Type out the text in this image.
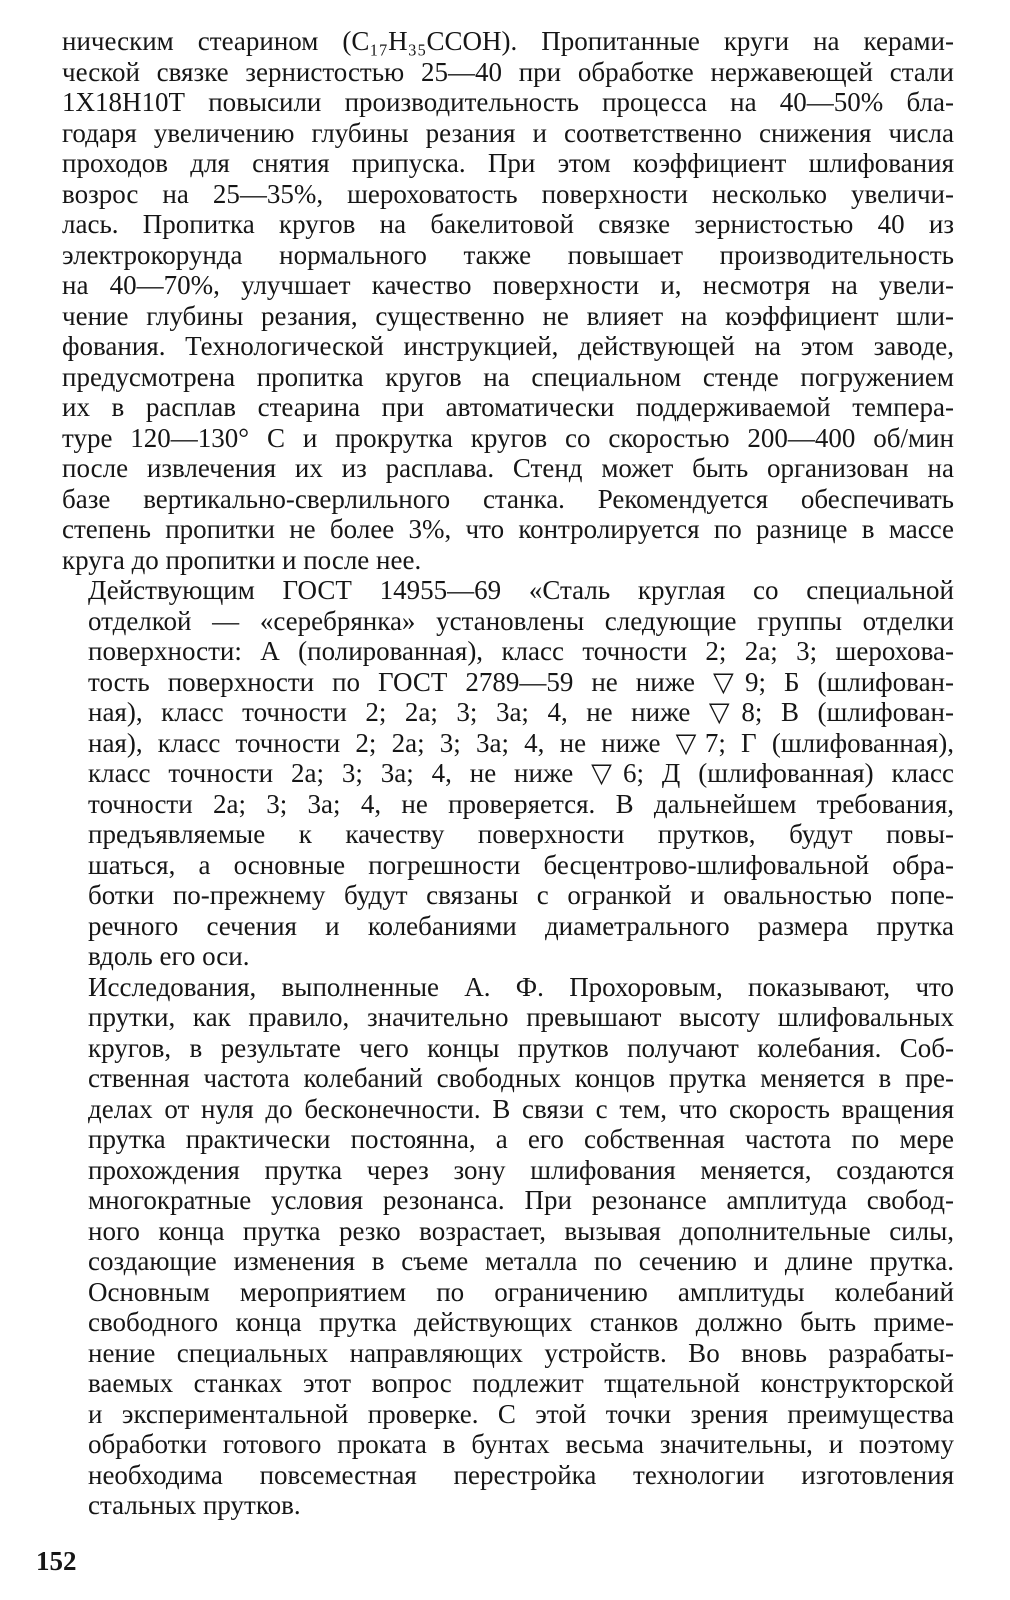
ническим стеарином (C₁₇H₃₅CCOH). Пропитанные круги на керами-
ческой связке зернистостью 25—40 при обработке нержавеющей стали
1Х18Н10Т повысили производительность процесса на 40—50% бла-
годаря увеличению глубины резания и соответственно снижения числа
проходов для снятия припуска. При этом коэффициент шлифования
возрос на 25—35%, шероховатость поверхности несколько увеличи-
лась. Пропитка кругов на бакелитовой связке зернистостью 40 из
электрокорунда нормального также повышает производительность
на 40—70%, улучшает качество поверхности и, несмотря на увели-
чение глубины резания, существенно не влияет на коэффициент шли-
фования. Технологической инструкцией, действующей на этом заводе,
предусмотрена пропитка кругов на специальном стенде погружением
их в расплав стеарина при автоматически поддерживаемой темпера-
туре 120—130° С и прокрутка кругов со скоростью 200—400 об/мин
после извлечения их из расплава. Стенд может быть организован на
базе вертикально-сверлильного станка. Рекомендуется обеспечивать
степень пропитки не более 3%, что контролируется по разнице в массе
круга до пропитки и после нее.

Действующим ГОСТ 14955—69 «Сталь круглая со специальной
отделкой — «серебрянка» установлены следующие группы отделки
поверхности: А (полированная), класс точности 2; 2а; 3; шерохова-
тость поверхности по ГОСТ 2789—59 не ниже ▽9; Б (шлифован-
ная), класс точности 2; 2а; 3; 3а; 4, не ниже ▽8; В (шлифован-
ная), класс точности 2; 2а; 3; 3а; 4, не ниже ▽7; Г (шлифованная),
класс точности 2а; 3; 3а; 4, не ниже ▽6; Д (шлифованная) класс
точности 2а; 3; 3а; 4, не проверяется. В дальнейшем требования,
предъявляемые к качеству поверхности прутков, будут повы-
шаться, а основные погрешности бесцентрово-шлифовальной обра-
ботки по-прежнему будут связаны с огранкой и овальностью попе-
речного сечения и колебаниями диаметрального размера прутка
вдоль его оси.

Исследования, выполненные А. Ф. Прохоровым, показывают, что
прутки, как правило, значительно превышают высоту шлифовальных
кругов, в результате чего концы прутков получают колебания. Соб-
ственная частота колебаний свободных концов прутка меняется в пре-
делах от нуля до бесконечности. В связи с тем, что скорость вращения
прутка практически постоянна, а его собственная частота по мере
прохождения прутка через зону шлифования меняется, создаются
многократные условия резонанса. При резонансе амплитуда свобод-
ного конца прутка резко возрастает, вызывая дополнительные силы,
создающие изменения в съеме металла по сечению и длине прутка.
Основным мероприятием по ограничению амплитуды колебаний
свободного конца прутка действующих станков должно быть приме-
нение специальных направляющих устройств. Во вновь разрабаты-
ваемых станках этот вопрос подлежит тщательной конструкторской
и экспериментальной проверке. С этой точки зрения преимущества
обработки готового проката в бунтах весьма значительны, и поэтому
необходима повсеместная перестройка технологии изготовления
стальных прутков.

152
